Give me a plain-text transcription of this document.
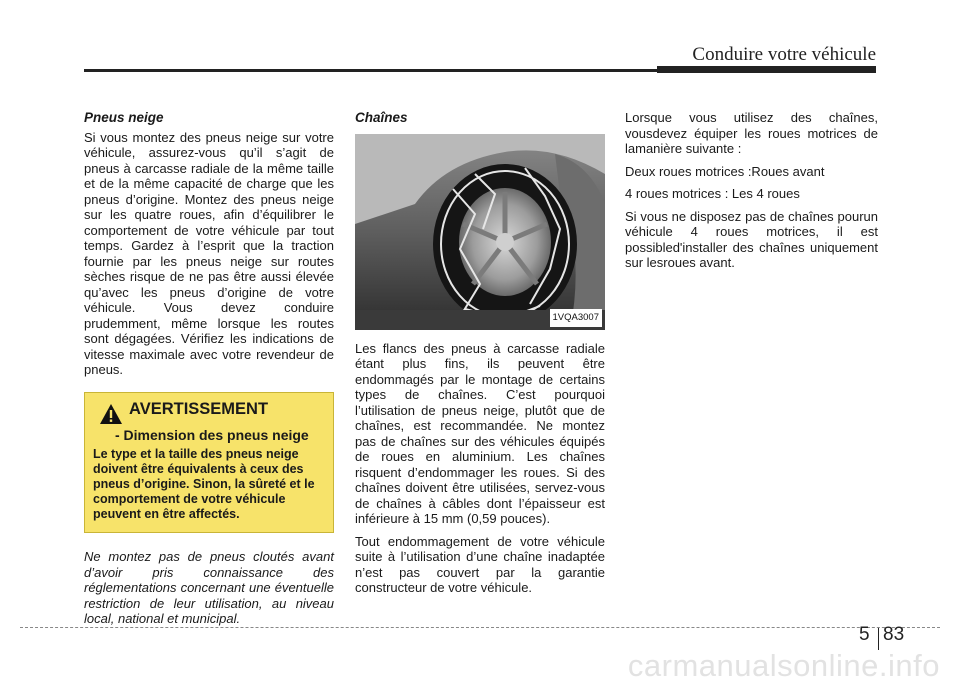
Conduire votre véhicule

Pneus neige

Si vous montez des pneus neige sur votre véhicule, assurez-vous qu’il s’agit de pneus à carcasse radiale de la même taille et de la même capacité de charge que les pneus d’origine. Montez des pneus neige sur les quatre roues, afin d’équilibrer le comportement de votre véhicule par tout temps. Gardez à l’esprit que la traction fournie par les pneus neige sur routes sèches risque de ne pas être aussi élevée qu’avec les pneus d’origine de votre véhicule. Vous devez conduire prudemment, même lorsque les routes sont dégagées. Vérifiez les indications de vitesse maximale avec votre revendeur de pneus.

AVERTISSEMENT
- Dimension des pneus neige
Le type et la taille des pneus neige doivent être équivalents à ceux des pneus d’origine. Sinon, la sûreté et le comportement de votre véhicule peuvent en être affectés.

Ne montez pas de pneus cloutés avant d’avoir pris connaissance des réglementations concernant une éventuelle restriction de leur utilisation, au niveau local, national et municipal.

Chaînes

1VQA3007

Les flancs des pneus à carcasse radiale étant plus fins, ils peuvent être endommagés par le montage de certains types de chaînes. C’est pourquoi l’utilisation de pneus neige, plutôt que de chaînes, est recommandée. Ne montez pas de chaînes sur des véhicules équipés de roues en aluminium. Les chaînes risquent d’endommager les roues. Si des chaînes doivent être utilisées, servez-vous de chaînes à câbles dont l’épaisseur est inférieure à 15 mm (0,59 pouces).

Tout endommagement de votre véhicule suite à l’utilisation d’une chaîne inadaptée n’est pas couvert par la garantie constructeur de votre véhicule.

Lorsque vous utilisez des chaînes, vousdevez équiper les roues motrices de lamanière suivante :

Deux roues motrices :Roues avant

4 roues motrices : Les 4 roues

Si vous ne disposez pas de chaînes pourun véhicule 4 roues motrices, il est possibled'installer des chaînes uniquement sur lesroues avant.

5 83
carmanualsonline.info
